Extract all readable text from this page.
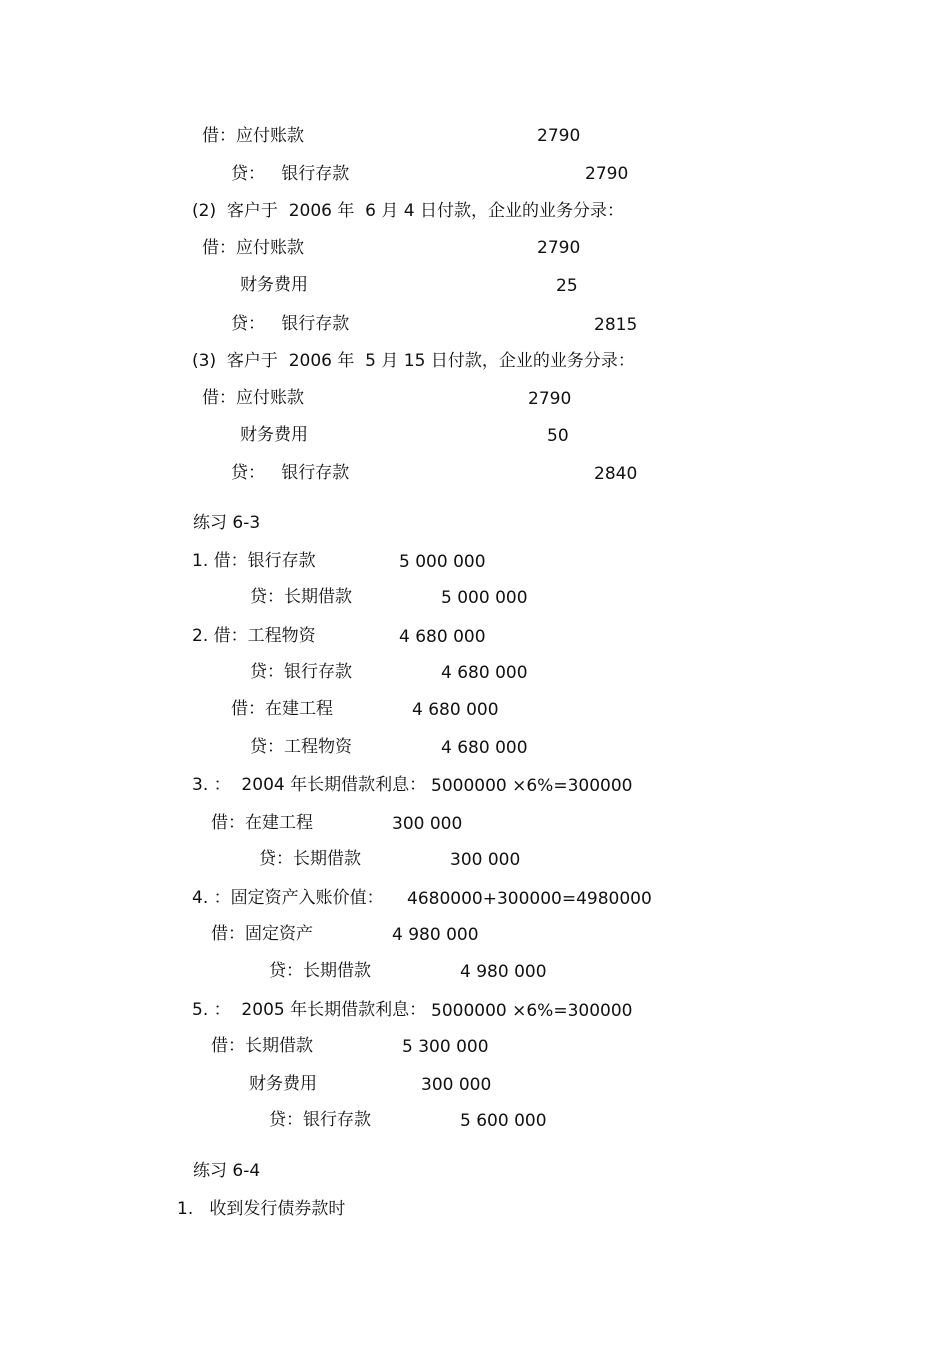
借：应付账款	2790
贷：   银行存款	2790
(2)  客户于  2006 年  6 月 4 日付款，企业的业务分录：
借：应付账款	2790
财务费用	25
贷：   银行存款	2815
(3)  客户于  2006 年  5 月 15 日付款，企业的业务分录：
借：应付账款	2790
财务费用	50
贷：   银行存款	2840
练习 6-3
1. 借：银行存款	5 000 000
贷：长期借款	5 000 000
2. 借：工程物资	4 680 000
贷：银行存款	4 680 000
借：在建工程	4 680 000
贷：工程物资	4 680 000
3. ：  2004 年长期借款利息： 5000000 ×6%=300000
借：在建工程	300 000
贷：长期借款	300 000
4. ：固定资产入账价值： 4680000+300000=4980000
借：固定资产	4 980 000
贷：长期借款	4 980 000
5. ：  2005 年长期借款利息： 5000000 ×6%=300000
借：长期借款	5 300 000
财务费用	300 000
贷：银行存款	5 600 000
练习 6-4
1.   收到发行债券款时
